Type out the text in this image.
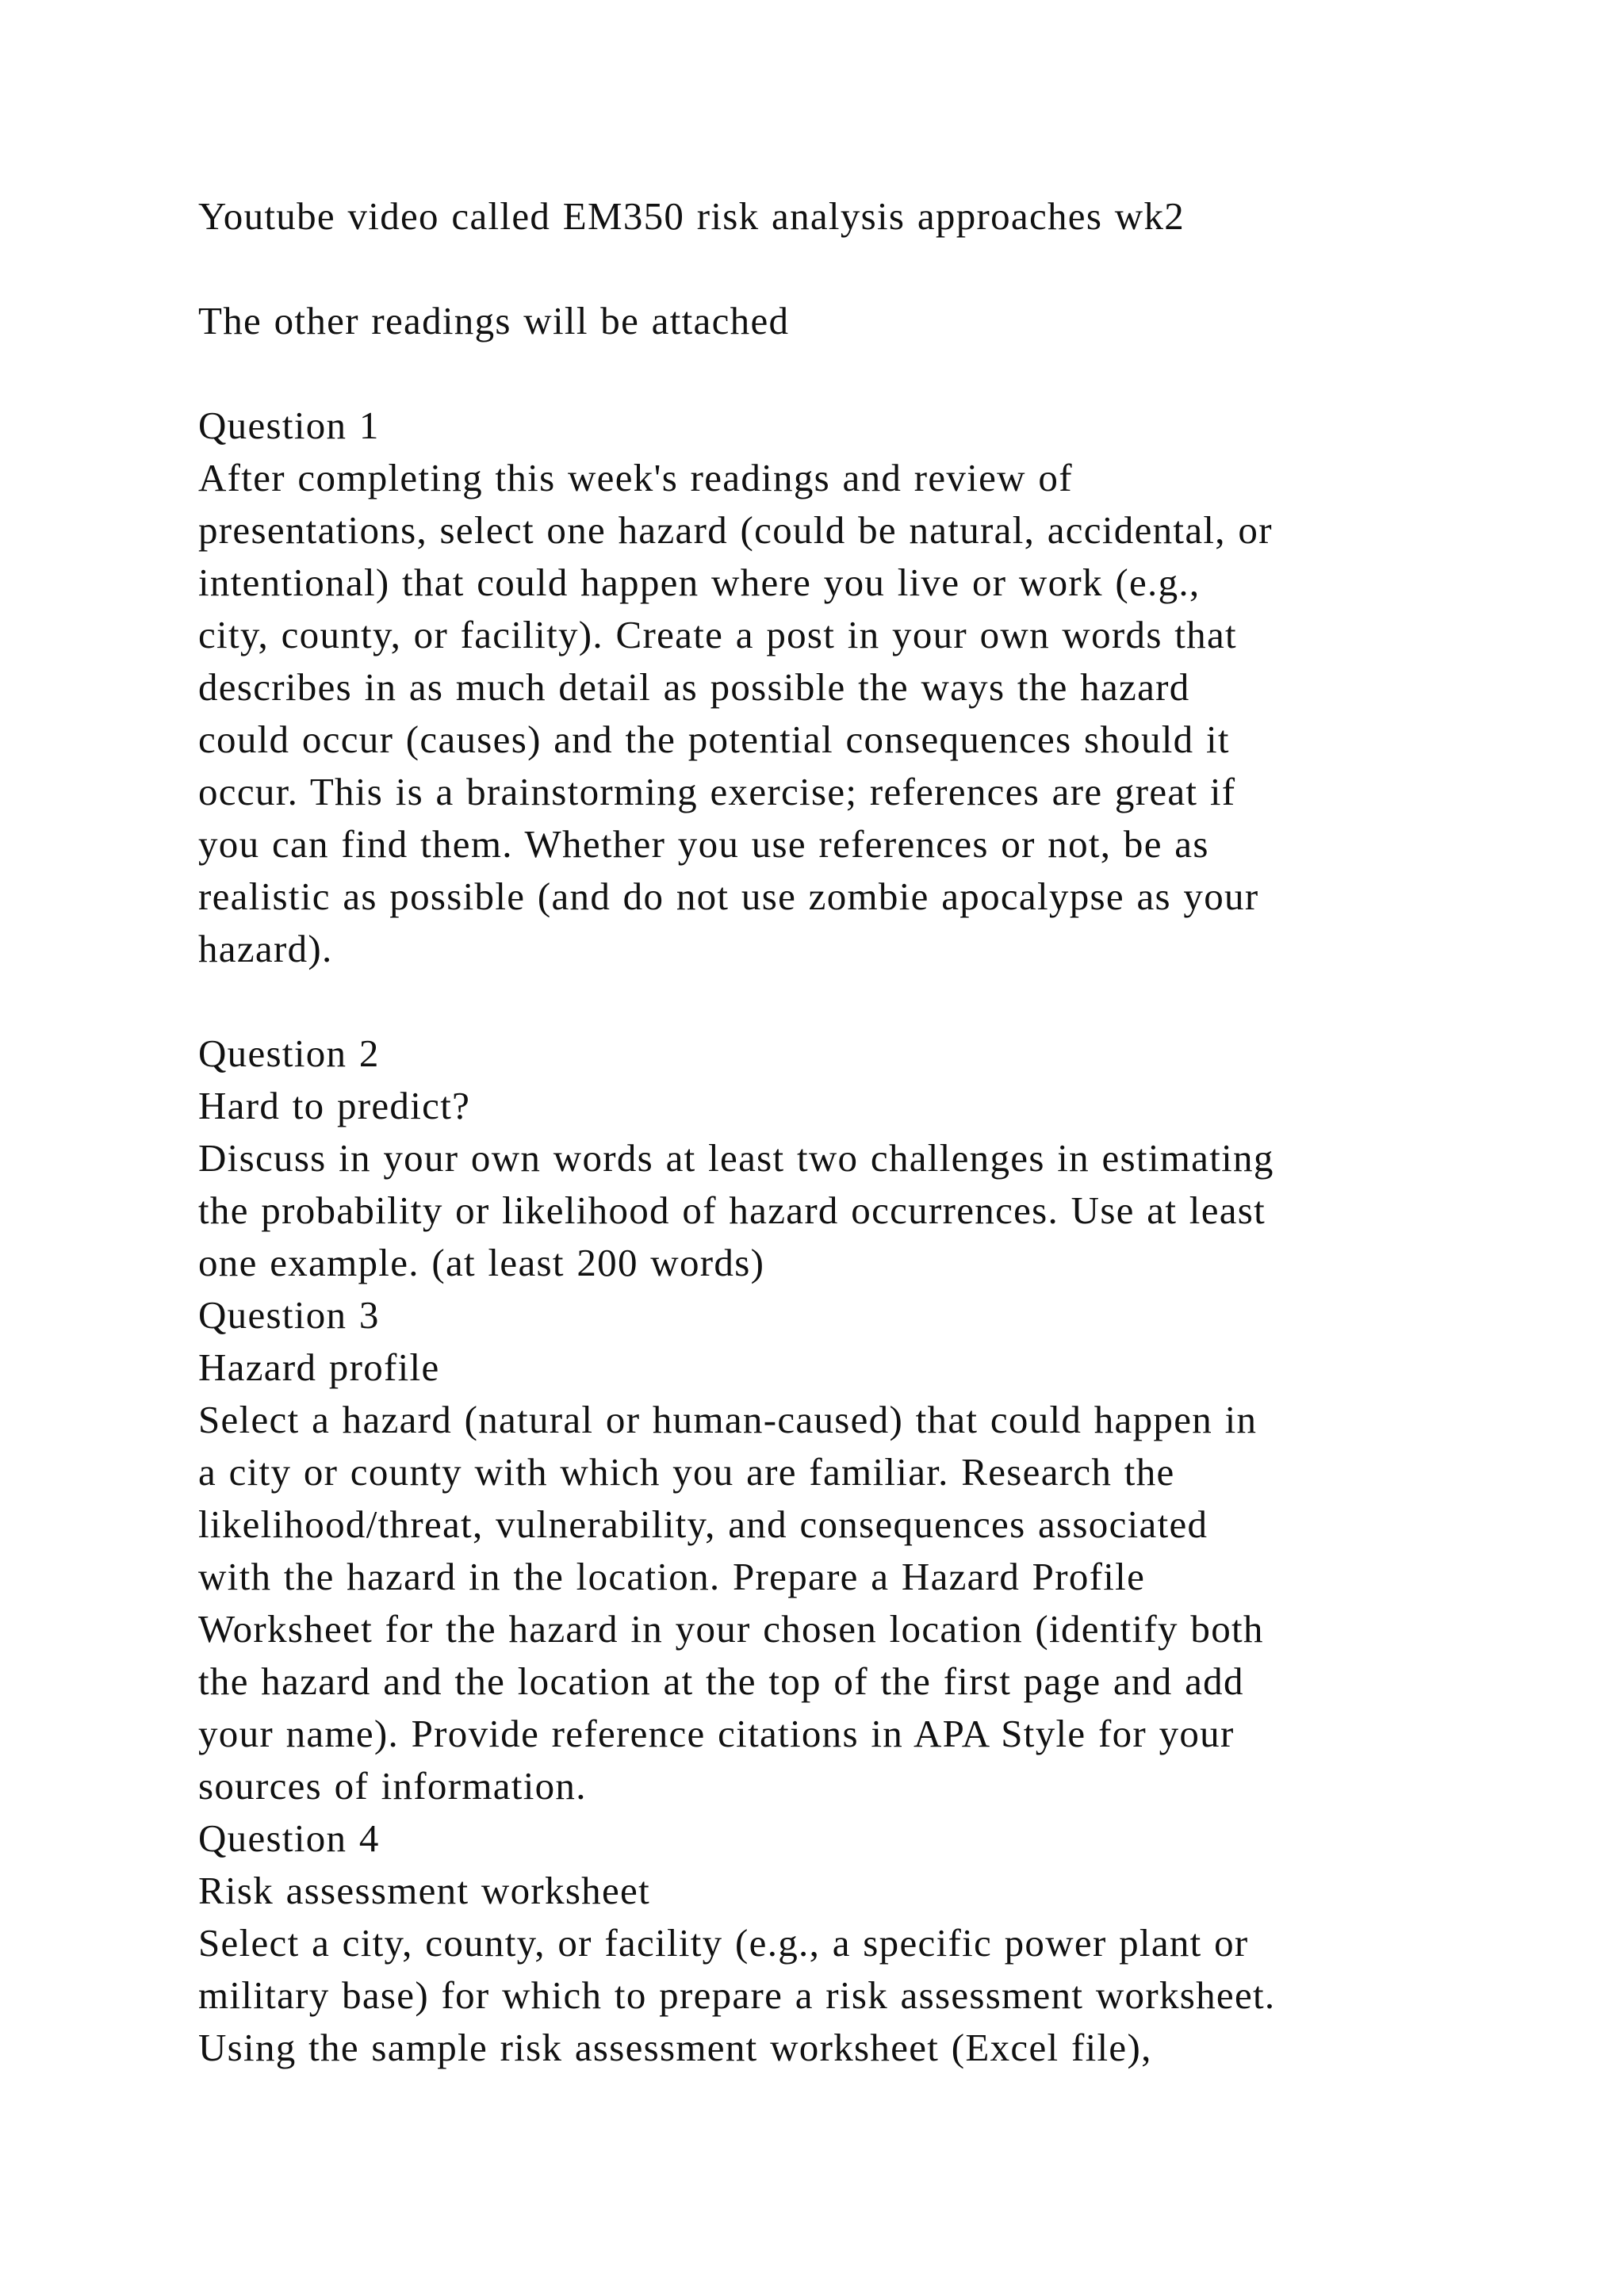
Youtube video called EM350 risk analysis approaches wk2
The other readings will be attached
Question 1
After completing this week's readings and review of
presentations, select one hazard (could be natural, accidental, or
intentional) that could happen where you live or work (e.g.,
city, county, or facility). Create a post in your own words that
describes in as much detail as possible the ways the hazard
could occur (causes) and the potential consequences should it
occur. This is a brainstorming exercise; references are great if
you can find them. Whether you use references or not, be as
realistic as possible (and do not use zombie apocalypse as your
hazard).
Question 2
Hard to predict?
Discuss in your own words at least two challenges in estimating
the probability or likelihood of hazard occurrences. Use at least
one example. (at least 200 words)
Question 3
Hazard profile
Select a hazard (natural or human-caused) that could happen in
a city or county with which you are familiar. Research the
likelihood/threat, vulnerability, and consequences associated
with the hazard in the location. Prepare a Hazard Profile
Worksheet for the hazard in your chosen location (identify both
the hazard and the location at the top of the first page and add
your name). Provide reference citations in APA Style for your
sources of information.
Question 4
Risk assessment worksheet
Select a city, county, or facility (e.g., a specific power plant or
military base) for which to prepare a risk assessment worksheet.
Using the sample risk assessment worksheet (Excel file),
